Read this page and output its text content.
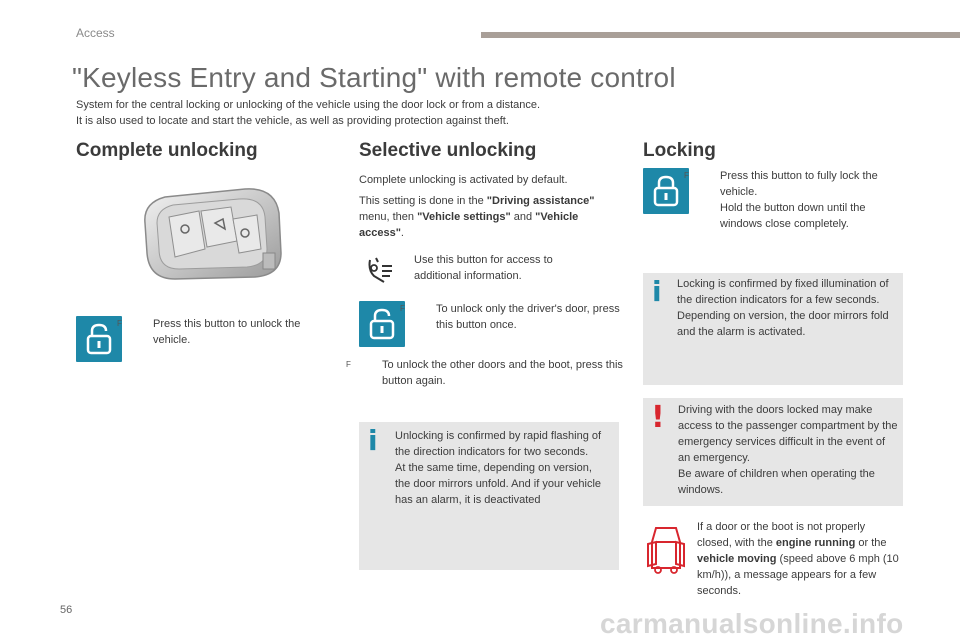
Access
"Keyless Entry and Starting" with remote control
System for the central locking or unlocking of the vehicle using the door lock or from a distance.
It is also used to locate and start the vehicle, as well as providing protection against theft.
Complete unlocking
F	Press this button to unlock the vehicle.
Selective unlocking
Complete unlocking is activated by default.
This setting is done in the "Driving assistance" menu, then "Vehicle settings" and "Vehicle access".
Use this button for access to additional information.
F	To unlock only the driver's door, press this button once.
F	To unlock the other doors and the boot, press this button again.
i Unlocking is confirmed by rapid flashing of the direction indicators for two seconds.
At the same time, depending on version, the door mirrors unfold. And if your vehicle has an alarm, it is deactivated
Locking
F	Press this button to fully lock the vehicle.
Hold the button down until the windows close completely.
i Locking is confirmed by fixed illumination of the direction indicators for a few seconds.
Depending on version, the door mirrors fold and the alarm is activated.
! Driving with the doors locked may make access to the passenger compartment by the emergency services difficult in the event of an emergency.
Be aware of children when operating the windows.
If a door or the boot is not properly closed, with the engine running or the vehicle moving (speed above 6 mph (10 km/h)), a message appears for a few seconds.
56	carmanualsonline.info
